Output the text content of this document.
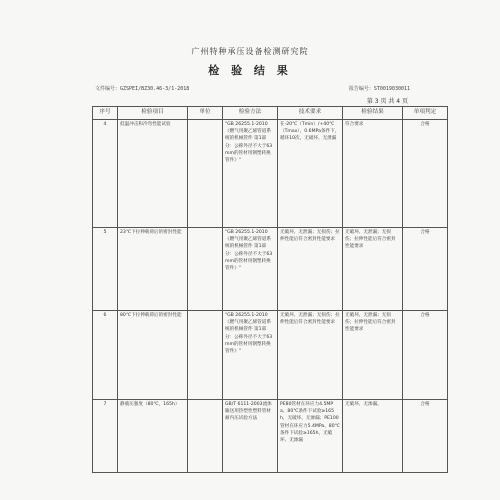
广州特种承压设备检测研究院
检 验 结 果
文件编号：GZSPEI/BZ30.46-3/1-2018	报告编号：ST0019030011
第 3 页 共 4 页
序号	检验项目	单位	检验方法	技术要求	检验结果	单项判定
4	低温冲击和冷弯性能试验		"GB 26255.1-2010《燃气用聚乙烯管道系统的机械管件 第1部分：公称外径不大于63mm的管材用钢塑转换管件》"	在-20℃（Tmin）/+40℃（Tmax）、0.6MPa条件下，循环10次，无破坏、无泄漏	符合要求	合格
5	23℃下拉伸载荷后的密封性能		"GB 26255.1-2010《燃气用聚乙烯管道系统的机械管件 第1部分：公称外径不大于63mm的管材用钢塑转换管件》"	无破坏、无泄漏；无损伤；拉伸性能后符合密封性能要求	无破坏、无泄漏；无损伤；拉伸性能后符合密封性能要求	合格
6	80℃下拉伸载荷后的密封性能		"GB 26255.1-2010《燃气用聚乙烯管道系统的机械管件 第1部分：公称外径不大于63mm的管材用钢塑转换管件》"	无破坏、无泄漏；无损伤；拉伸性能后符合密封性能要求	无破坏、无泄漏；无损伤；拉伸性能后符合密封性能要求	合格
7	静液压强度（80℃，165h）		GB/T 6111-2003流体输送用热塑性塑料管材耐内压试验方法	PE80管材在环应力4.5MPa、80℃条件下试验≥165h，无破坏、无渗漏；PE100管材在环应力5.4MPa、80℃条件下试验≥165h，无破坏、无渗漏	无破坏、无渗漏。	合格
